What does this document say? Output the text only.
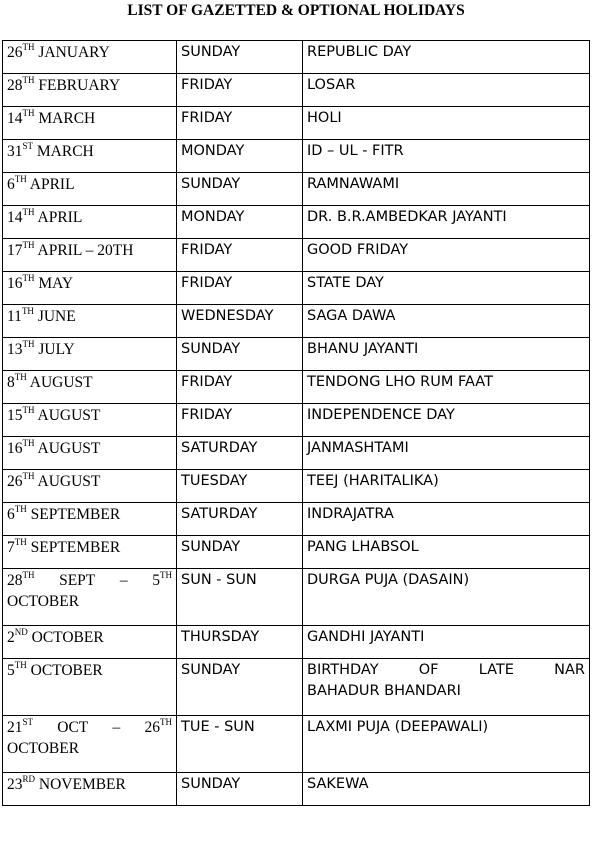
LIST OF GAZETTED & OPTIONAL HOLIDAYS
26TH JANUARY	SUNDAY	REPUBLIC DAY
28TH FEBRUARY	FRIDAY	LOSAR
14TH MARCH	FRIDAY	HOLI
31ST MARCH	MONDAY	ID – UL - FITR
6TH APRIL	SUNDAY	RAMNAWAMI
14TH APRIL	MONDAY	DR. B.R.AMBEDKAR JAYANTI
17TH APRIL – 20TH	FRIDAY	GOOD FRIDAY
16TH MAY	FRIDAY	STATE DAY
11TH JUNE	WEDNESDAY	SAGA DAWA
13TH JULY	SUNDAY	BHANU JAYANTI
8TH AUGUST	FRIDAY	TENDONG LHO RUM FAAT
15TH AUGUST	FRIDAY	INDEPENDENCE DAY
16TH AUGUST	SATURDAY	JANMASHTAMI
26TH AUGUST	TUESDAY	TEEJ (HARITALIKA)
6TH SEPTEMBER	SATURDAY	INDRAJATRA
7TH SEPTEMBER	SUNDAY	PANG LHABSOL

28TH SEPT – 5TH
OCTOBER	SUN - SUN	DURGA PUJA (DASAIN)
2ND OCTOBER	THURSDAY	GANDHI JAYANTI
5TH OCTOBER	SUNDAY	BIRTHDAY OF LATE NAR
BAHADUR BHANDARI

21ST OCT – 26TH
OCTOBER	TUE - SUN	LAXMI PUJA (DEEPAWALI)
23RD NOVEMBER	SUNDAY	SAKEWA
